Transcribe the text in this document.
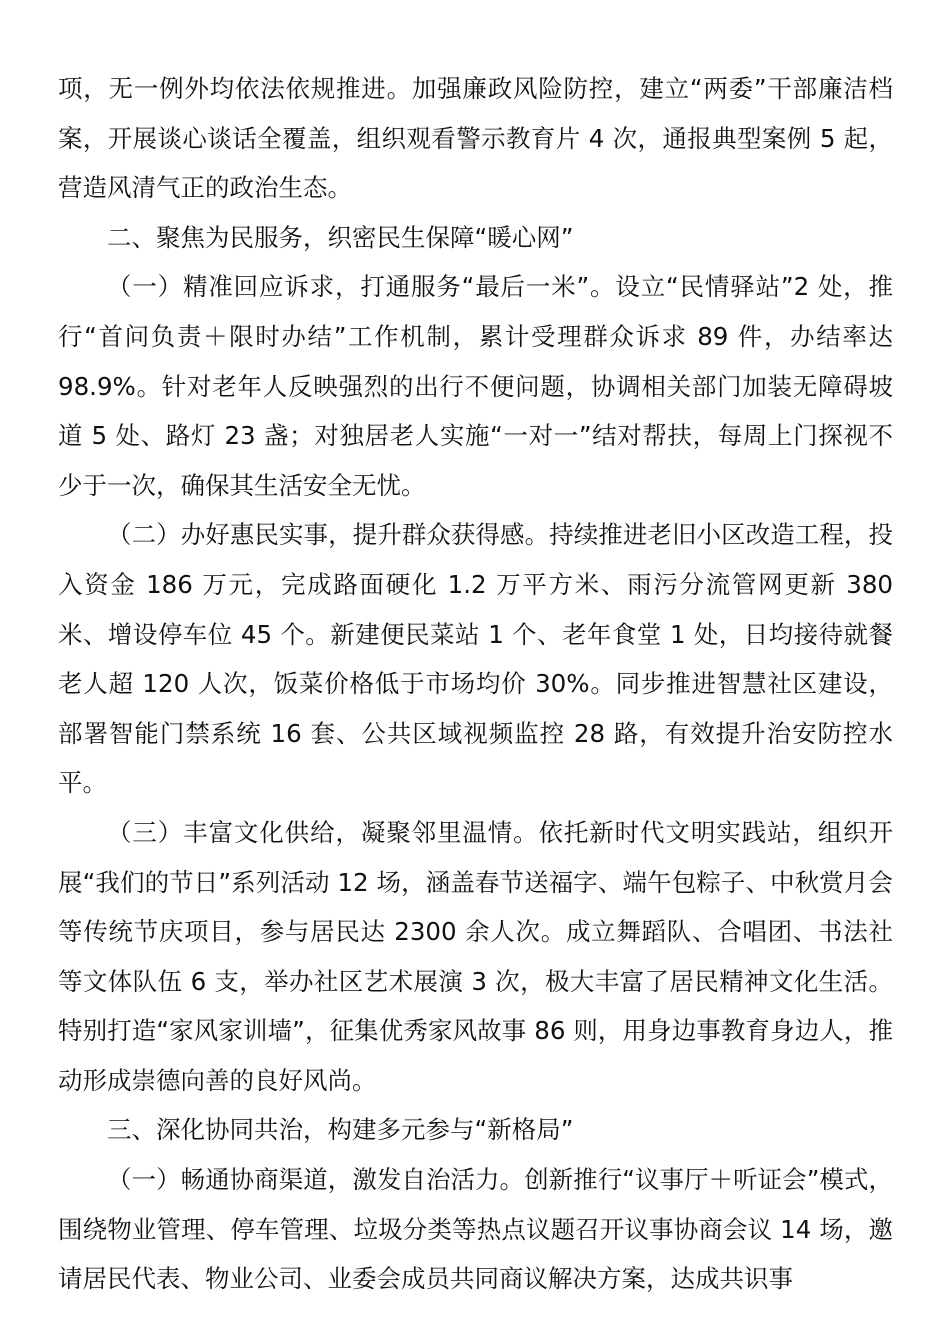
项，无一例外均依法依规推进。加强廉政风险防控，建立“两委”干部廉洁档案，开展谈心谈话全覆盖，组织观看警示教育片 4 次，通报典型案例 5 起，营造风清气正的政治生态。

二、聚焦为民服务，织密民生保障“暖心网”

（一）精准回应诉求，打通服务“最后一米”。设立“民情驿站”2 处，推行“首问负责＋限时办结”工作机制，累计受理群众诉求 89 件，办结率达 98.9%。针对老年人反映强烈的出行不便问题，协调相关部门加装无障碍坡道 5 处、路灯 23 盏；对独居老人实施“一对一”结对帮扶，每周上门探视不少于一次，确保其生活安全无忧。

（二）办好惠民实事，提升群众获得感。持续推进老旧小区改造工程，投入资金 186 万元，完成路面硬化 1.2 万平方米、雨污分流管网更新 380 米、增设停车位 45 个。新建便民菜站 1 个、老年食堂 1 处，日均接待就餐老人超 120 人次，饭菜价格低于市场均价 30%。同步推进智慧社区建设，部署智能门禁系统 16 套、公共区域视频监控 28 路，有效提升治安防控水平。

（三）丰富文化供给，凝聚邻里温情。依托新时代文明实践站，组织开展“我们的节日”系列活动 12 场，涵盖春节送福字、端午包粽子、中秋赏月会等传统节庆项目，参与居民达 2300 余人次。成立舞蹈队、合唱团、书法社等文体队伍 6 支，举办社区艺术展演 3 次，极大丰富了居民精神文化生活。特别打造“家风家训墙”，征集优秀家风故事 86 则，用身边事教育身边人，推动形成崇德向善的良好风尚。

三、深化协同共治，构建多元参与“新格局”

（一）畅通协商渠道，激发自治活力。创新推行“议事厅＋听证会”模式，围绕物业管理、停车管理、垃圾分类等热点议题召开议事协商会议 14 场，邀请居民代表、物业公司、业委会成员共同商议解决方案，达成共识事
